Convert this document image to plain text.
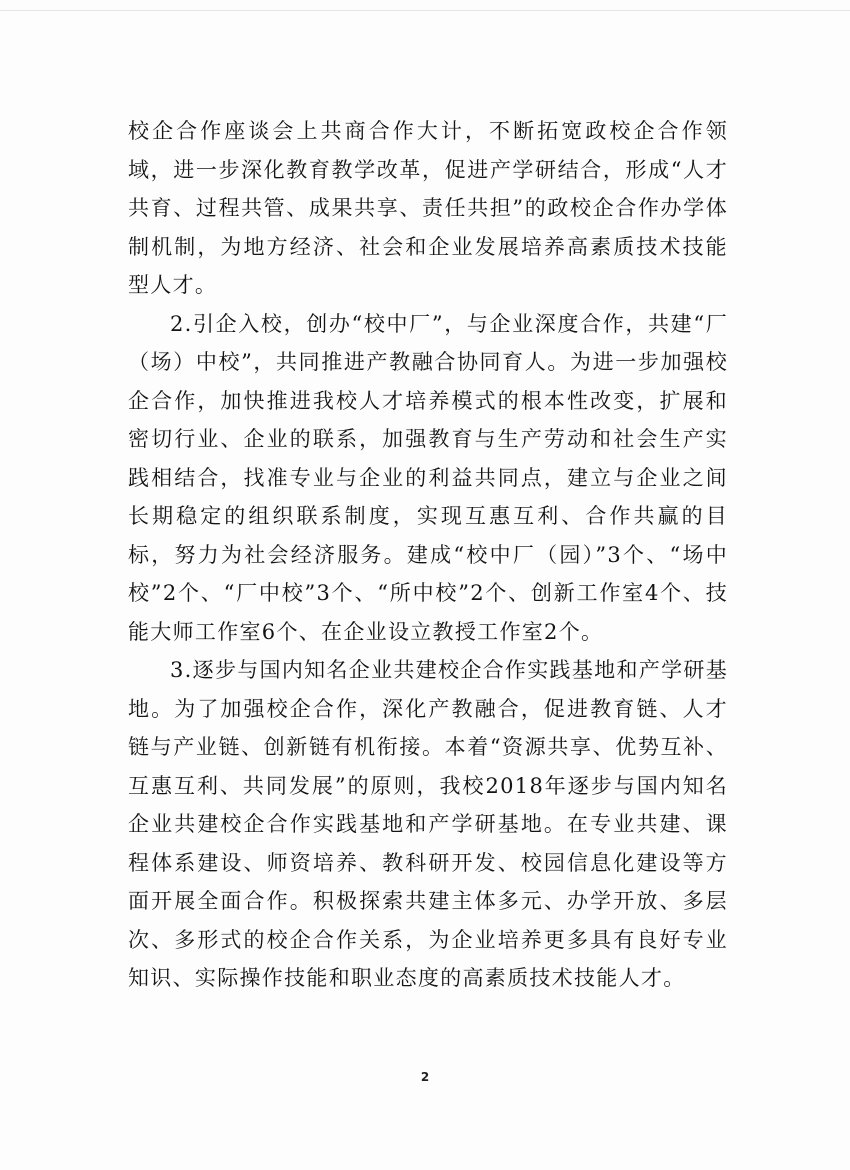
校企合作座谈会上共商合作大计，不断拓宽政校企合作领域，进一步深化教育教学改革，促进产学研结合，形成“人才共育、过程共管、成果共享、责任共担”的政校企合作办学体制机制，为地方经济、社会和企业发展培养高素质技术技能型人才。

2.引企入校，创办“校中厂”，与企业深度合作，共建“厂（场）中校”，共同推进产教融合协同育人。为进一步加强校企合作，加快推进我校人才培养模式的根本性改变，扩展和密切行业、企业的联系，加强教育与生产劳动和社会生产实践相结合，找准专业与企业的利益共同点，建立与企业之间长期稳定的组织联系制度，实现互惠互利、合作共赢的目标，努力为社会经济服务。建成“校中厂（园）”3个、“场中校”2个、“厂中校”3个、“所中校”2个、创新工作室4个、技能大师工作室6个、在企业设立教授工作室2个。

3.逐步与国内知名企业共建校企合作实践基地和产学研基地。为了加强校企合作，深化产教融合，促进教育链、人才链与产业链、创新链有机衔接。本着“资源共享、优势互补、互惠互利、共同发展”的原则，我校2018年逐步与国内知名企业共建校企合作实践基地和产学研基地。在专业共建、课程体系建设、师资培养、教科研开发、校园信息化建设等方面开展全面合作。积极探索共建主体多元、办学开放、多层次、多形式的校企合作关系，为企业培养更多具有良好专业知识、实际操作技能和职业态度的高素质技术技能人才。

2
